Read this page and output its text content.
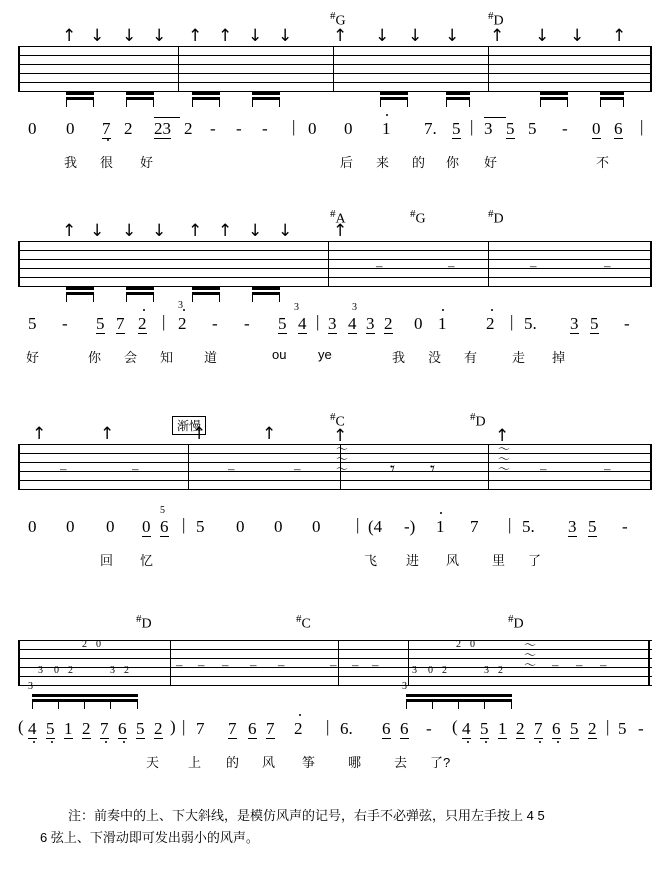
#G	#D
↑
↓
↓
↓
↑
↑
↓
↓
↑
↓
↓
↓
↑
↓
↓
↑
0 0 7 2 23 2 - - - | 0 0 1 7. 5 | 3 5 5 - 0 6 |
我 很 好	后 来 的 你 好	不
#A	#G	#D
↑
↓
↓
↓
↑
↑
↓
↓
↑
–	–	–	–
5 - 5 7 2 | 2
3
- - 5 4
3
| 3 4 3 2
3
0 1 2 | 5. 3 5 -
好	你 会 知 道	ou ye	我 没 有	走 掉
渐慢
#C	#D
↑
↑
↑
↑
–	–	–	–	–	–
〜
〜
〜
〜
〜
〜
↑
↑
𝄾 𝄾
0 0 0 0 6
5
| 5 0 0 0 | (4 -) 1 7 | 5. 3 5 -
回 忆	飞 进 风	里 了
#D	#C	#D
2 0
3 0 2	3 2
3
– – – – –	– – –
2 0
3 0 2	3 2
3
〜
〜
〜 – – –
( 4 5 1 2 7 6 5 2 ) | 7 7 6 7 2 | 6. 6 6 - ( 4 5 1 2 7 6 5 2 | 5 -
天 上 的 风 筝	哪	去 了?
注：前奏中的上、下大斜线，是模仿风声的记号，右手不必弹弦，只用左手按上 4 5
6 弦上、下滑动即可发出弱小的风声。
